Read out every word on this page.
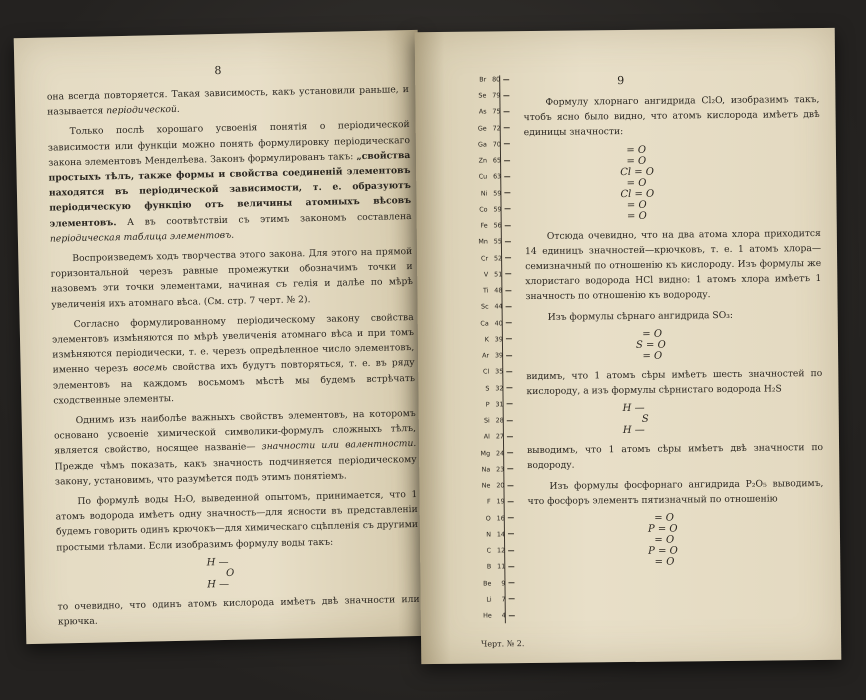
8

она всегда повторяется. Такая зависимость, какъ установили раньше, и называется періодической.

Только послѣ хорошаго усвоенія понятія о періодической зависимости или функціи можно понять формулировку періодическаго закона элементовъ Менделѣева. Законъ формулированъ такъ: „свойства простыхъ тѣлъ, также формы и свойства соединеній элементовъ находятся въ періодической зависимости, т. е. образуютъ періодическую функцію отъ величины атомныхъ вѣсовъ элементовъ. А въ соотвѣтствіи съ этимъ закономъ составлена періодическая таблица элементовъ.

Воспроизведемъ ходъ творчества этого закона. Для этого на прямой горизонтальной черезъ равные промежутки обозначимъ точки и назовемъ эти точки элементами, начиная съ гелія и далѣе по мѣрѣ увеличенія ихъ атомнаго вѣса. (См. стр. 7 черт. № 2).

Согласно формулированному періодическому закону свойства элементовъ измѣняются по мѣрѣ увеличенія атомнаго вѣса и при томъ измѣняются періодически, т. е. черезъ опредѣленное число элементовъ, именно черезъ восемь свойства ихъ будутъ повторяться, т. е. въ ряду элементовъ на каждомъ восьмомъ мѣстѣ мы будемъ встрѣчать сходственные элементы.

Однимъ изъ наиболѣе важныхъ свойствъ элементовъ, на которомъ основано усвоеніе химической символики-формулъ сложныхъ тѣлъ, является свойство, носящее названіе— значности или валентности. Прежде чѣмъ показать, какъ значность подчиняется періодическому закону, установимъ, что разумѣется подъ этимъ понятіемъ.

По формулѣ воды H₂O, выведенной опытомъ, принимается, что 1 атомъ водорода имѣетъ одну значность—для ясности въ представленіи будемъ говорить одинъ крючокъ—для химическаго сцѣпленія съ другими простыми тѣлами. Если изобразимъ формулу воды такъ:

H —
O
H —

то очевидно, что одинъ атомъ кислорода имѣетъ двѣ значности или крючка.

He	4
Li	7
Be	9
B 11
C 12
N 14
O 16
F 19
Ne 20
Na 23
Mg 24
Al 27
Si 28
P 31
S 32
Cl 35
Ar 39
K 39
Ca 40
Sc 44
Ti 48
V 51
Cr 52
Mn 55
Fe 56
Co 59
Ni 59
Cu 63
Zn 65
Ga 70
Ge 72
As 75
Se 79
Br 80
Черт. № 2.
9

Формулу хлорнаго ангидрида Cl₂O, изобразимъ такъ, чтобъ ясно было видно, что атомъ кислорода имѣетъ двѣ единицы значности:

= O
= O
Cl = O
= O
Cl = O
= O
= O

Отсюда очевидно, что на два атома хлора приходится 14 единицъ значностей—крючковъ, т. е. 1 атомъ хлора—семизначный по отношенію къ кислороду. Изъ формулы же хлористаго водорода HCl видно: 1 атомъ хлора имѣетъ 1 значность по отношенію къ водороду.

Изъ формулы сѣрнаго ангидрида SO₃:

= O
S = O
= O

видимъ, что 1 атомъ сѣры имѣетъ шесть значностей по кислороду, а изъ формулы сѣрнистаго водорода H₂S

H —
S
H —

выводимъ, что 1 атомъ сѣры имѣетъ двѣ значности по водороду.

Изъ формулы фосфорнаго ангидрида P₂O₅ выводимъ, что фосфоръ элементъ пятизначный по отношенію

= O
P = O
= O
P = O
= O
